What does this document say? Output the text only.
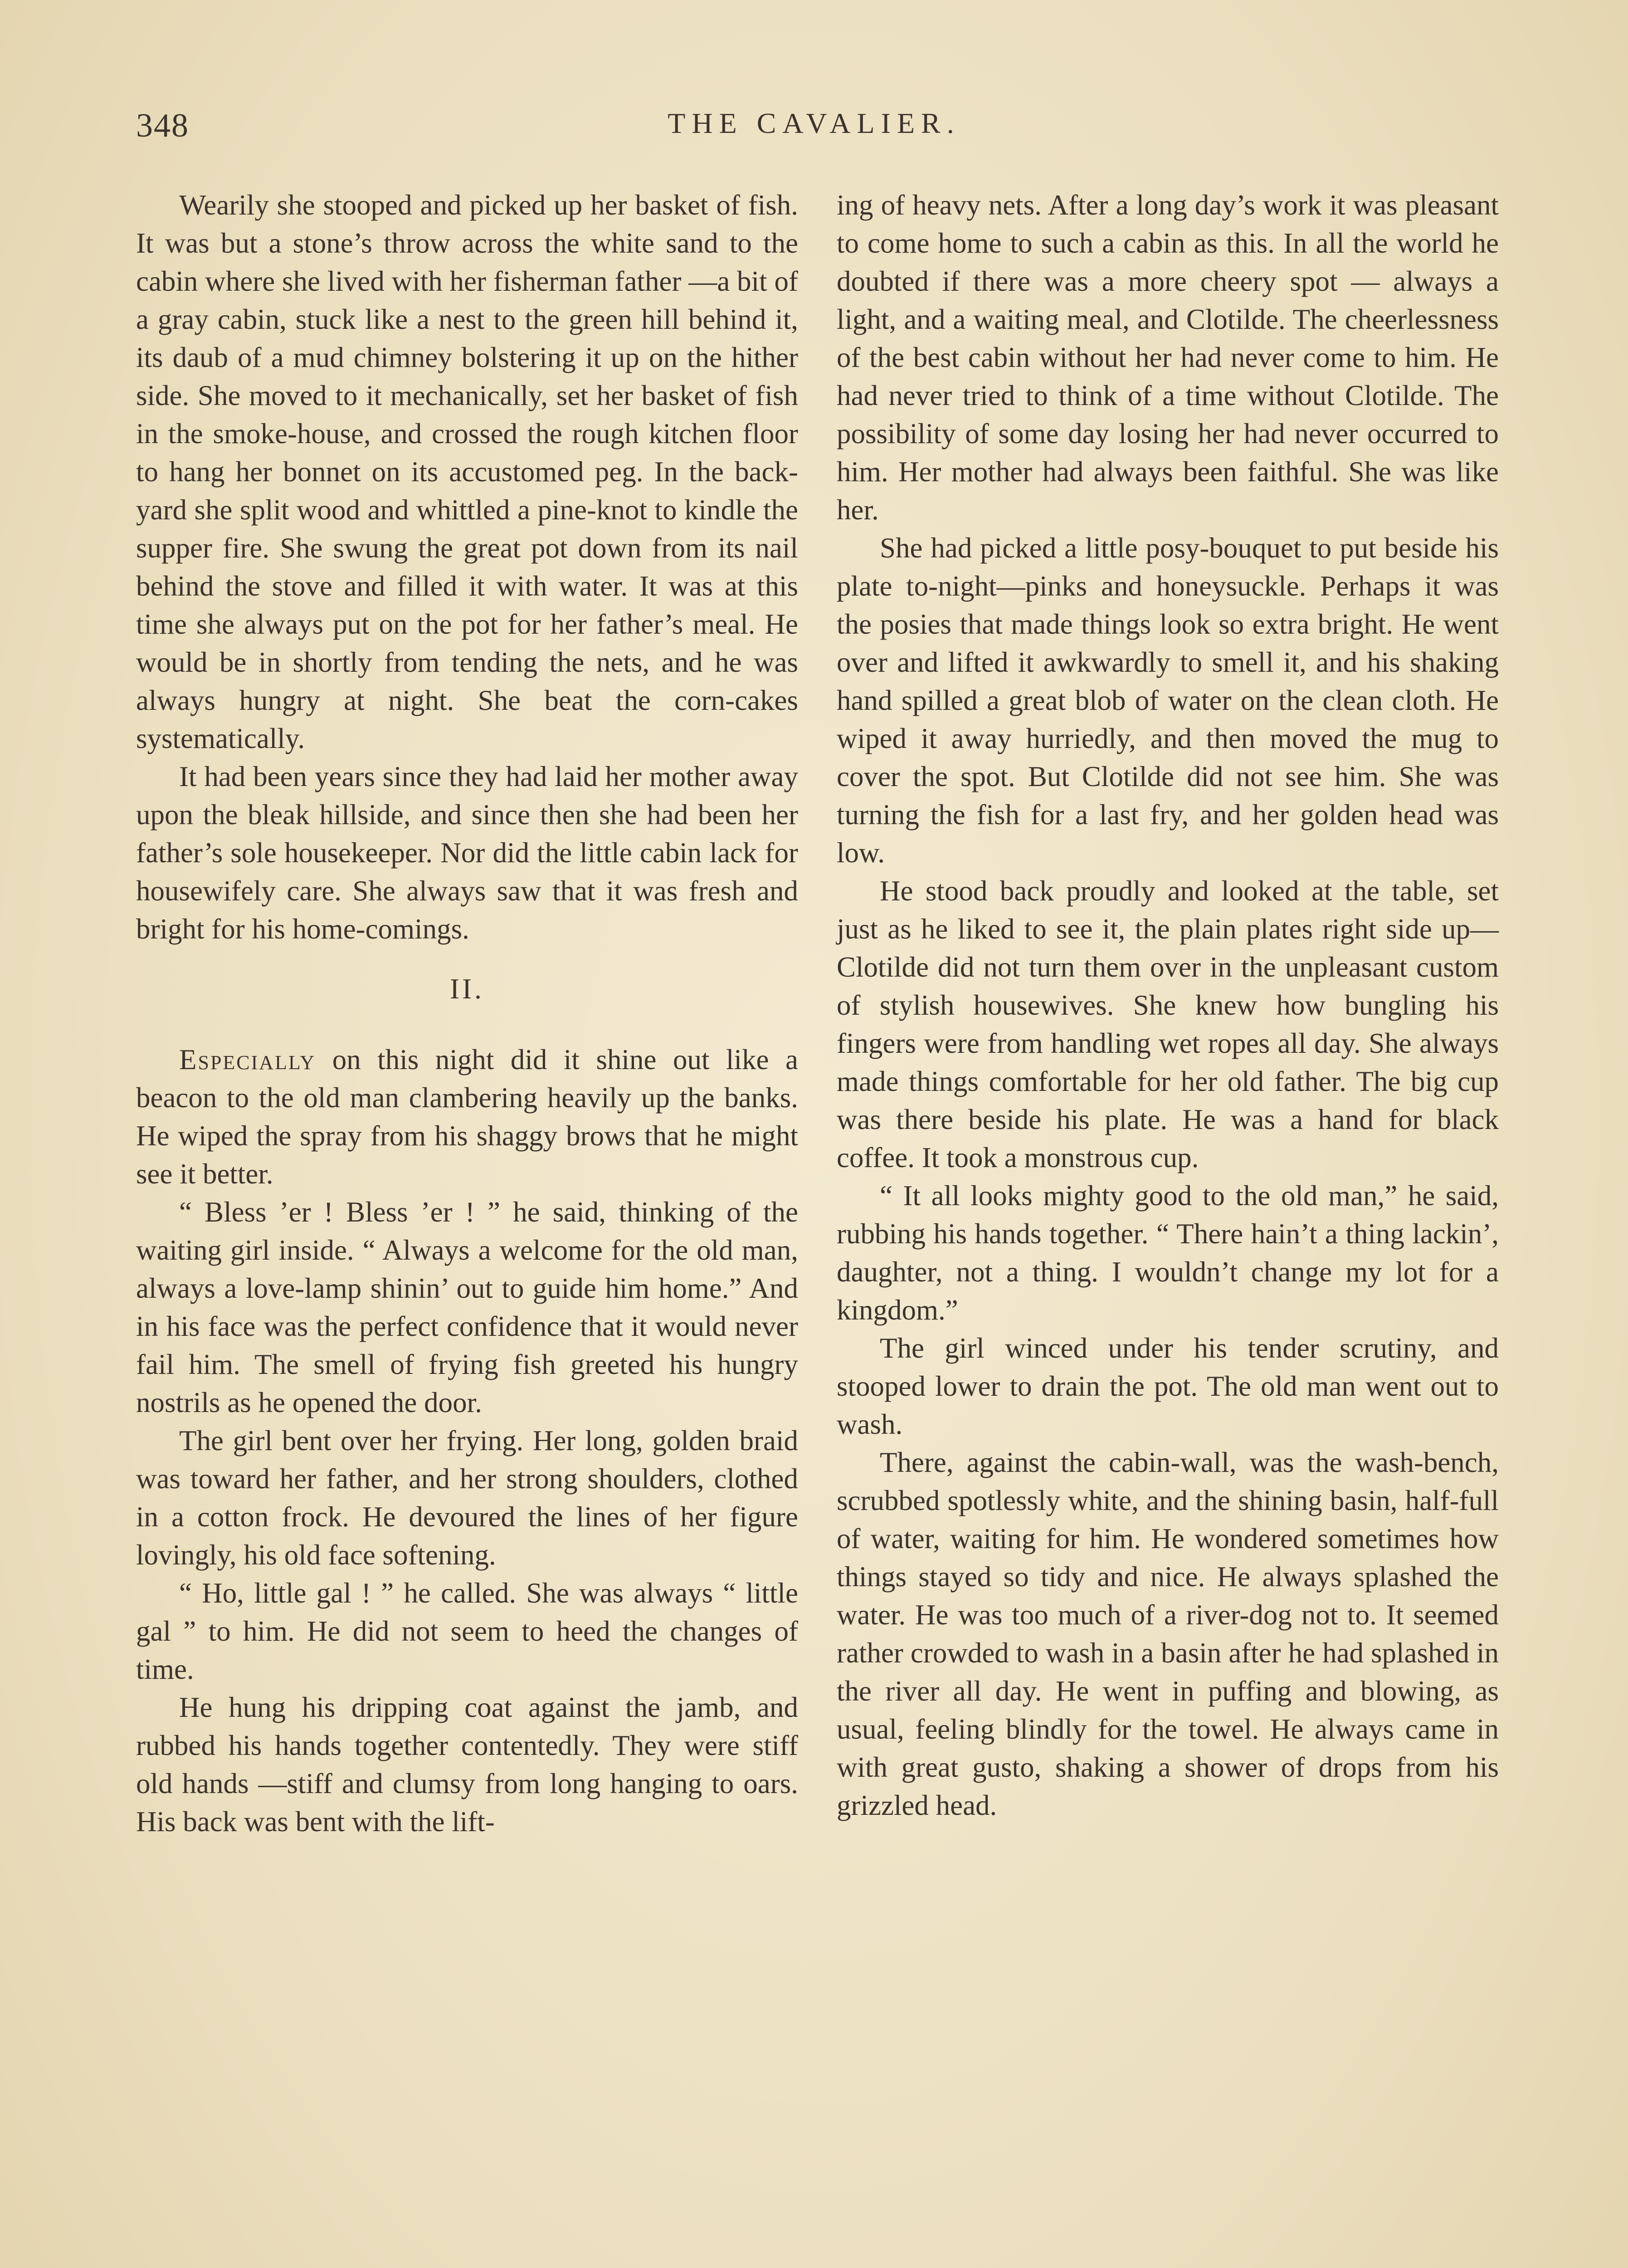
348	THE CAVALIER.

Wearily she stooped and picked up her basket of fish. It was but a stone’s throw across the white sand to the cabin where she lived with her fisherman father —a bit of a gray cabin, stuck like a nest to the green hill behind it, its daub of a mud chimney bolstering it up on the hither side. She moved to it mechanically, set her basket of fish in the smoke-house, and crossed the rough kitchen floor to hang her bonnet on its accustomed peg. In the back-yard she split wood and whittled a pine-knot to kindle the supper fire. She swung the great pot down from its nail behind the stove and filled it with water. It was at this time she always put on the pot for her father’s meal. He would be in shortly from tending the nets, and he was always hungry at night. She beat the corn-cakes systematically.

It had been years since they had laid her mother away upon the bleak hillside, and since then she had been her father’s sole housekeeper. Nor did the little cabin lack for housewifely care. She always saw that it was fresh and bright for his home-comings.

II.

Especially on this night did it shine out like a beacon to the old man clambering heavily up the banks. He wiped the spray from his shaggy brows that he might see it better.

“ Bless ’er ! Bless ’er ! ” he said, thinking of the waiting girl inside. “ Always a welcome for the old man, always a love-lamp shinin’ out to guide him home.” And in his face was the perfect confidence that it would never fail him. The smell of frying fish greeted his hungry nostrils as he opened the door.

The girl bent over her frying. Her long, golden braid was toward her father, and her strong shoulders, clothed in a cotton frock. He devoured the lines of her figure lovingly, his old face softening.

“ Ho, little gal ! ” he called. She was always “ little gal ” to him. He did not seem to heed the changes of time.

He hung his dripping coat against the jamb, and rubbed his hands together contentedly. They were stiff old hands —stiff and clumsy from long hanging to oars. His back was bent with the lift-

ing of heavy nets. After a long day’s work it was pleasant to come home to such a cabin as this. In all the world he doubted if there was a more cheery spot — always a light, and a waiting meal, and Clotilde. The cheerlessness of the best cabin without her had never come to him. He had never tried to think of a time without Clotilde. The possibility of some day losing her had never occurred to him. Her mother had always been faithful. She was like her.

She had picked a little posy-bouquet to put beside his plate to-night—pinks and honeysuckle. Perhaps it was the posies that made things look so extra bright. He went over and lifted it awkwardly to smell it, and his shaking hand spilled a great blob of water on the clean cloth. He wiped it away hurriedly, and then moved the mug to cover the spot. But Clotilde did not see him. She was turning the fish for a last fry, and her golden head was low.

He stood back proudly and looked at the table, set just as he liked to see it, the plain plates right side up—Clotilde did not turn them over in the unpleasant custom of stylish housewives. She knew how bungling his fingers were from handling wet ropes all day. She always made things comfortable for her old father. The big cup was there beside his plate. He was a hand for black coffee. It took a monstrous cup.

“ It all looks mighty good to the old man,” he said, rubbing his hands together. “ There hain’t a thing lackin’, daughter, not a thing. I wouldn’t change my lot for a kingdom.”

The girl winced under his tender scrutiny, and stooped lower to drain the pot. The old man went out to wash.

There, against the cabin-wall, was the wash-bench, scrubbed spotlessly white, and the shining basin, half-full of water, waiting for him. He wondered sometimes how things stayed so tidy and nice. He always splashed the water. He was too much of a river-dog not to. It seemed rather crowded to wash in a basin after he had splashed in the river all day. He went in puffing and blowing, as usual, feeling blindly for the towel. He always came in with great gusto, shaking a shower of drops from his grizzled head.
